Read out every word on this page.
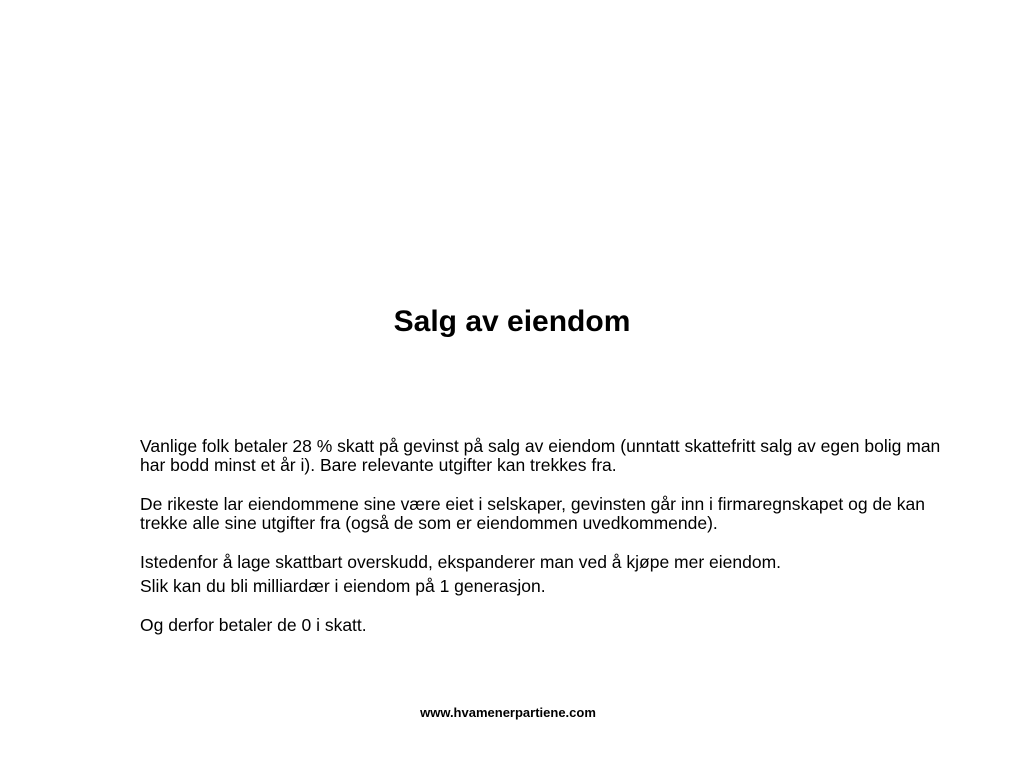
Salg av eiendom

Vanlige folk betaler 28 % skatt på gevinst på salg av eiendom (unntatt skattefritt salg av egen bolig man har bodd minst et år i). Bare relevante utgifter kan trekkes fra.

De rikeste lar eiendommene sine være eiet i selskaper, gevinsten går inn i firmaregnskapet og de kan trekke alle sine utgifter fra (også de som er eiendommen uvedkommende).

Istedenfor å lage skattbart overskudd, ekspanderer man ved å kjøpe mer eiendom.

Slik kan du bli milliardær i eiendom på 1 generasjon.

Og derfor betaler de 0 i skatt.

www.hvamenerpartiene.com
